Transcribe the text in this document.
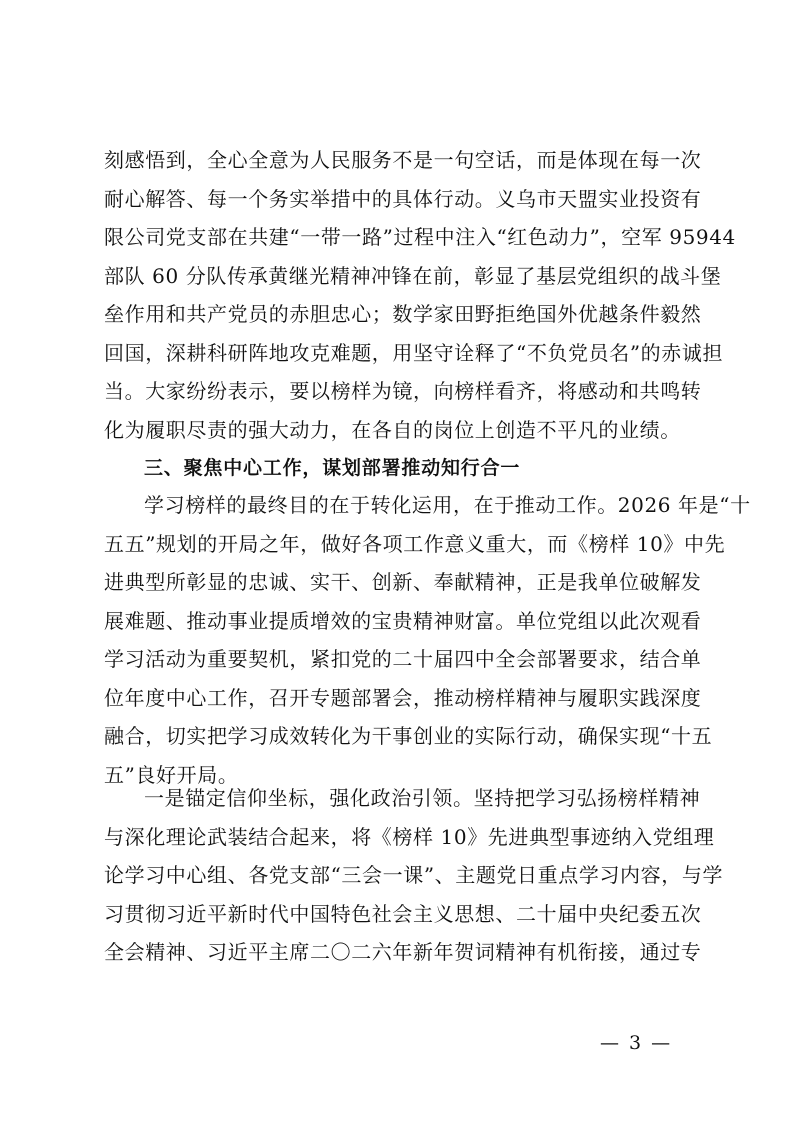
刻感悟到，全心全意为人民服务不是一句空话，而是体现在每一次
耐心解答、每一个务实举措中的具体行动。义乌市天盟实业投资有
限公司党支部在共建“一带一路”过程中注入“红色动力”，空军 95944
部队 60 分队传承黄继光精神冲锋在前，彰显了基层党组织的战斗堡
垒作用和共产党员的赤胆忠心；数学家田野拒绝国外优越条件毅然
回国，深耕科研阵地攻克难题，用坚守诠释了“不负党员名”的赤诚担
当。大家纷纷表示，要以榜样为镜，向榜样看齐，将感动和共鸣转
化为履职尽责的强大动力，在各自的岗位上创造不平凡的业绩。
三、聚焦中心工作，谋划部署推动知行合一
学习榜样的最终目的在于转化运用，在于推动工作。2026 年是“十
五五”规划的开局之年，做好各项工作意义重大，而《榜样 10》中先
进典型所彰显的忠诚、实干、创新、奉献精神，正是我单位破解发
展难题、推动事业提质增效的宝贵精神财富。单位党组以此次观看
学习活动为重要契机，紧扣党的二十届四中全会部署要求，结合单
位年度中心工作，召开专题部署会，推动榜样精神与履职实践深度
融合，切实把学习成效转化为干事创业的实际行动，确保实现“十五
五”良好开局。
一是锚定信仰坐标，强化政治引领。坚持把学习弘扬榜样精神
与深化理论武装结合起来，将《榜样 10》先进典型事迹纳入党组理
论学习中心组、各党支部“三会一课”、主题党日重点学习内容，与学
习贯彻习近平新时代中国特色社会主义思想、二十届中央纪委五次
全会精神、习近平主席二〇二六年新年贺词精神有机衔接，通过专
— 3 —
